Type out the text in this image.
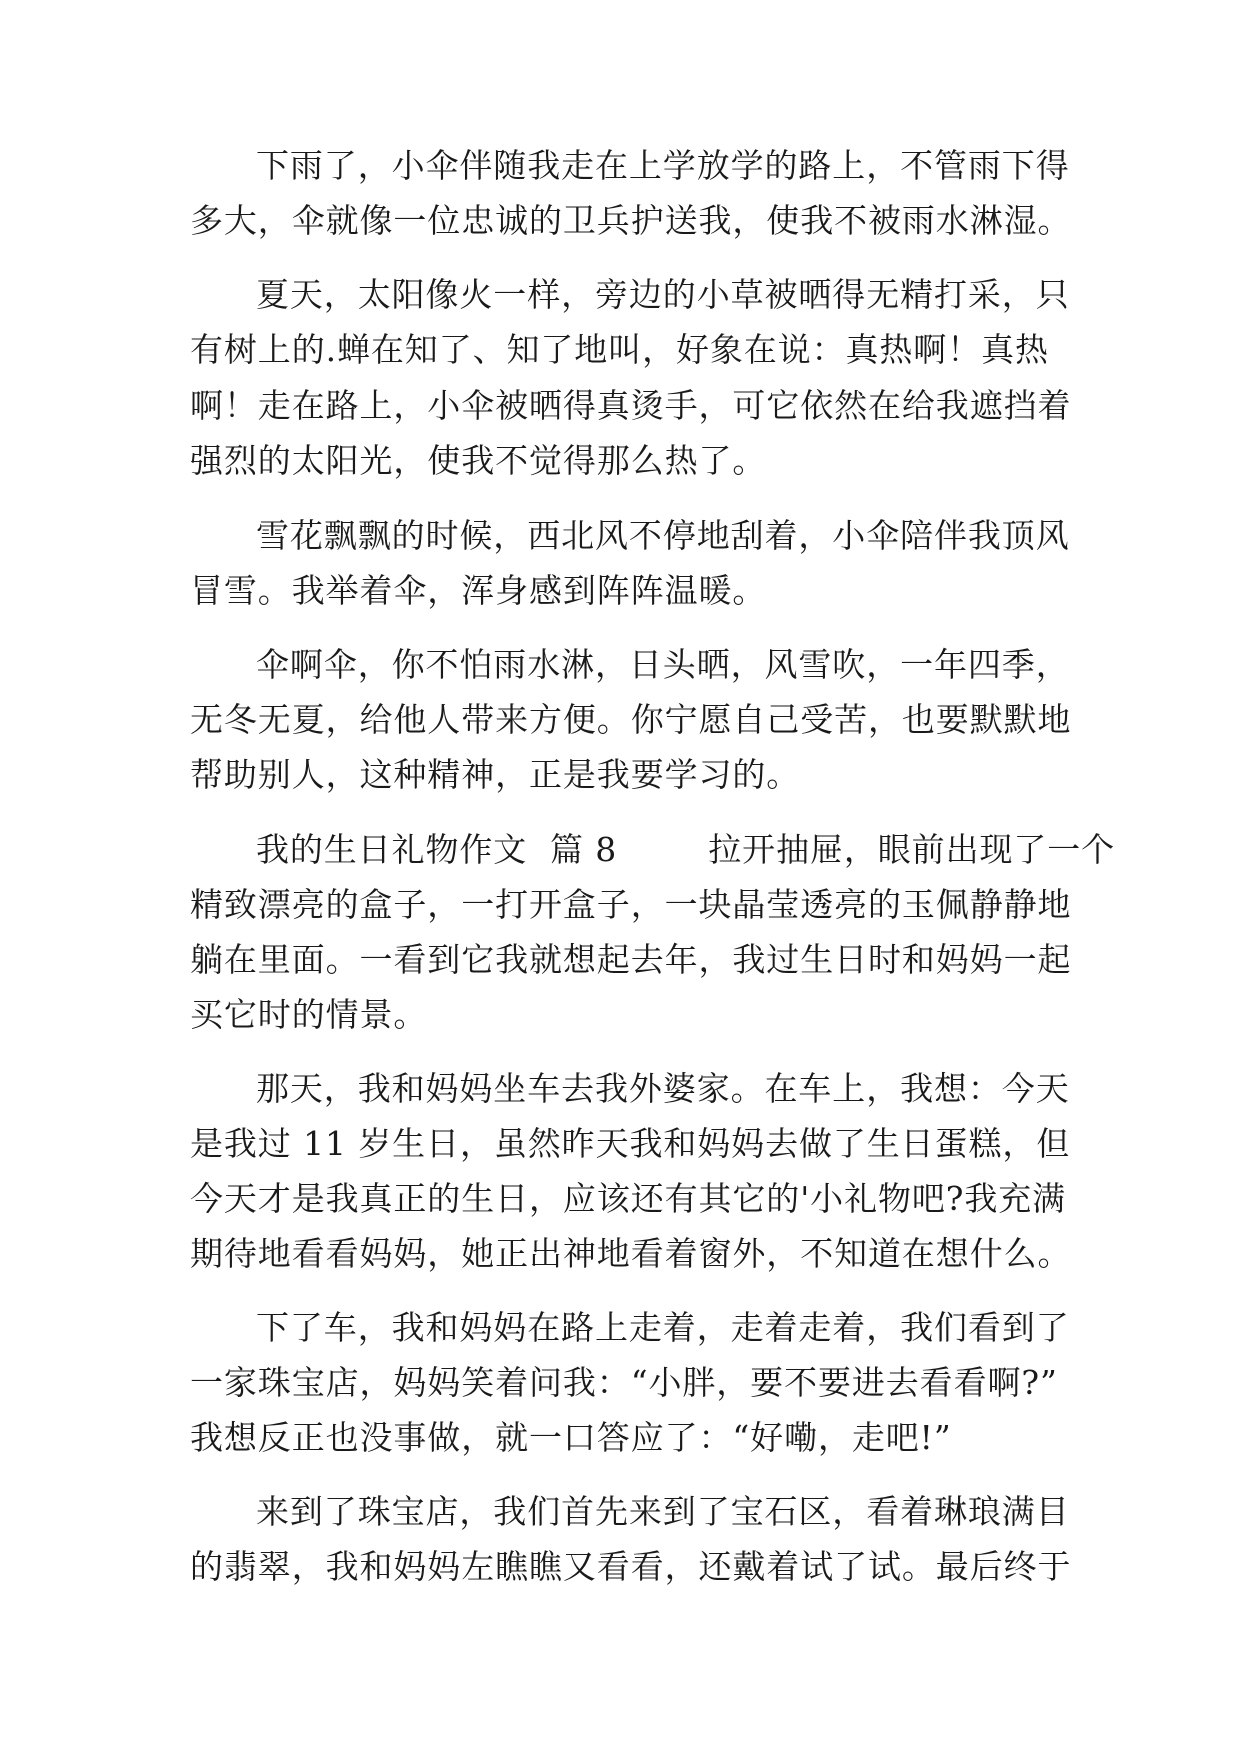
下雨了，小伞伴随我走在上学放学的路上，不管雨下得

多大，伞就像一位忠诚的卫兵护送我，使我不被雨水淋湿。

夏天，太阳像火一样，旁边的小草被晒得无精打采，只

有树上的.蝉在知了、知了地叫，好象在说：真热啊！真热

啊！走在路上，小伞被晒得真烫手，可它依然在给我遮挡着

强烈的太阳光，使我不觉得那么热了。

雪花飘飘的时候，西北风不停地刮着，小伞陪伴我顶风

冒雪。我举着伞，浑身感到阵阵温暖。

伞啊伞，你不怕雨水淋，日头晒，风雪吹，一年四季，

无冬无夏，给他人带来方便。你宁愿自己受苦，也要默默地

帮助别人，这种精神，正是我要学习的。

我的生日礼物作文  篇 8        拉开抽屉，眼前出现了一个

精致漂亮的盒子，一打开盒子，一块晶莹透亮的玉佩静静地

躺在里面。一看到它我就想起去年，我过生日时和妈妈一起

买它时的情景。

那天，我和妈妈坐车去我外婆家。在车上，我想：今天

是我过 11 岁生日，虽然昨天我和妈妈去做了生日蛋糕，但

今天才是我真正的生日，应该还有其它的'小礼物吧?我充满

期待地看看妈妈，她正出神地看着窗外，不知道在想什么。

下了车，我和妈妈在路上走着，走着走着，我们看到了

一家珠宝店，妈妈笑着问我：“小胖，要不要进去看看啊?”

我想反正也没事做，就一口答应了：“好嘞，走吧!”

来到了珠宝店，我们首先来到了宝石区，看着琳琅满目

的翡翠，我和妈妈左瞧瞧又看看，还戴着试了试。最后终于
